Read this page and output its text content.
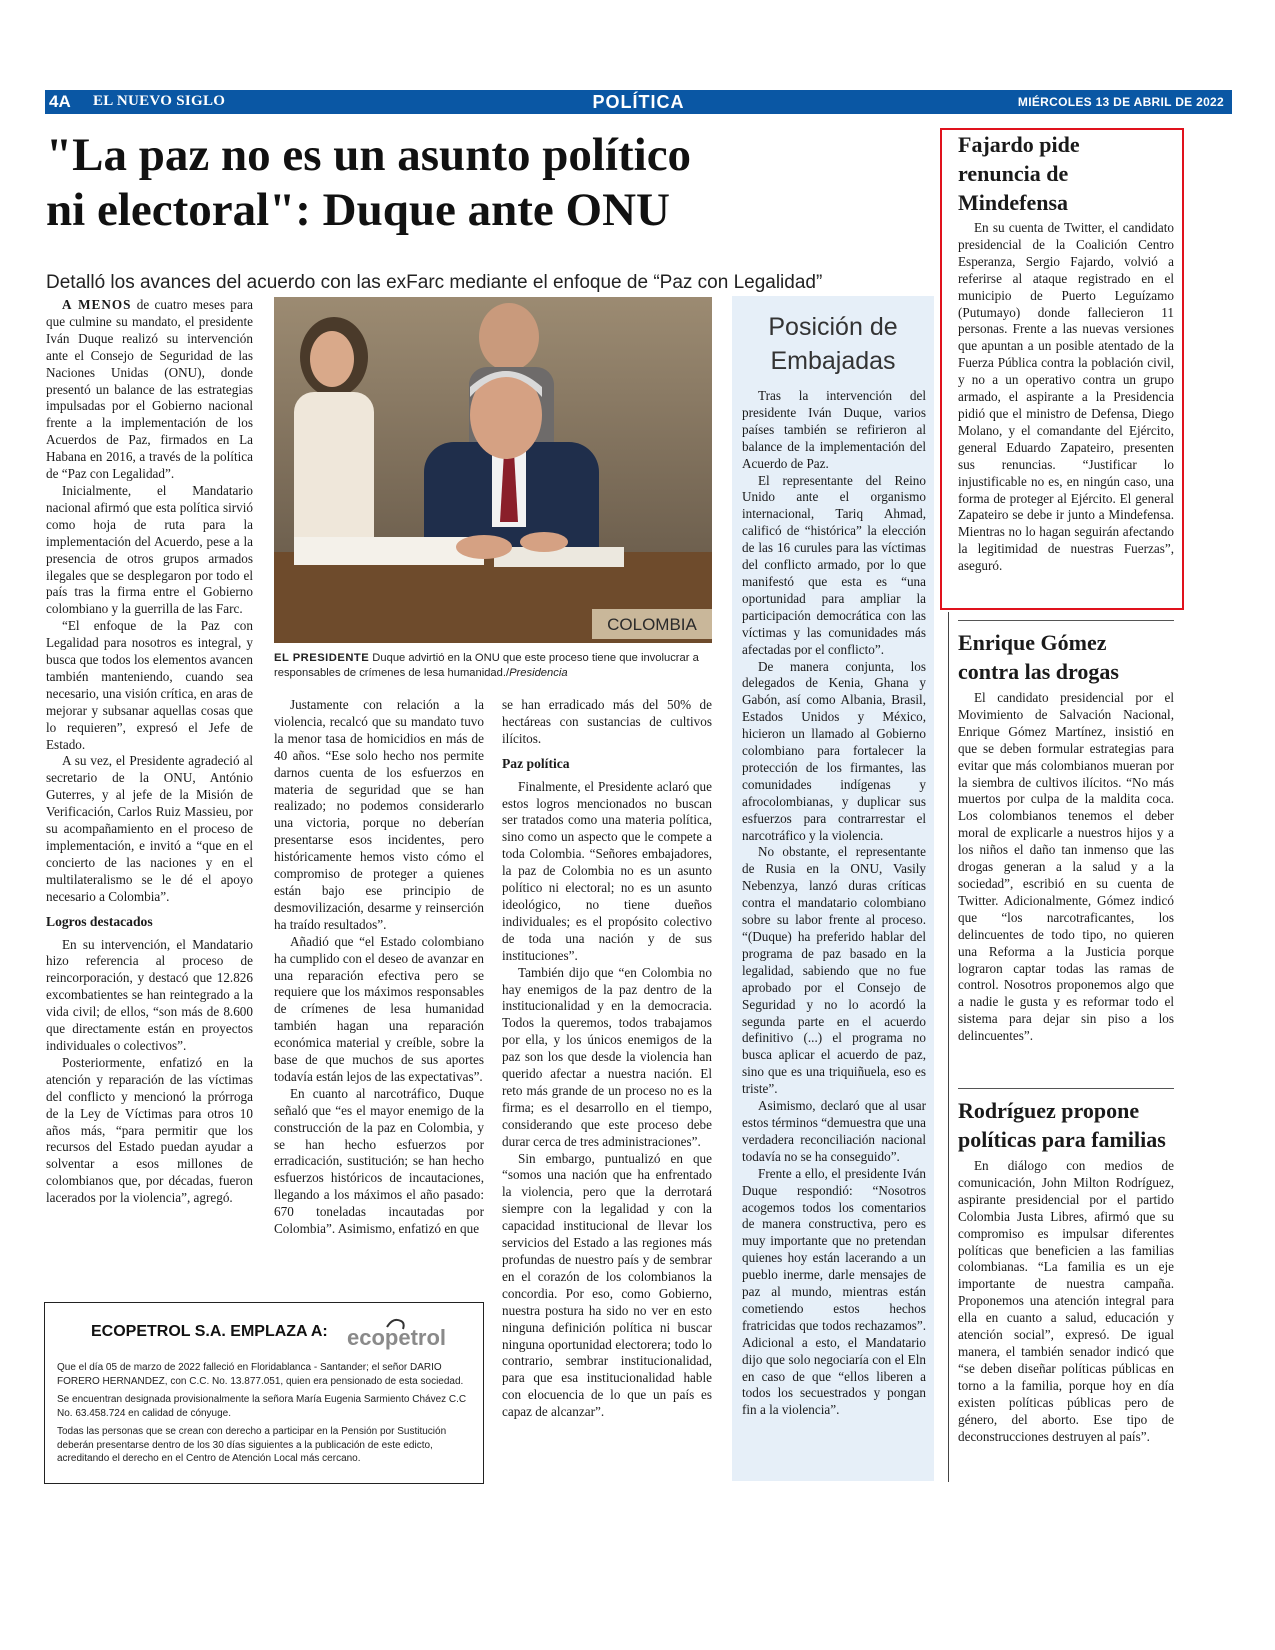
4A EL NUEVO SIGLO	POLÍTICA	MIÉRCOLES 13 DE ABRIL DE 2022
"La paz no es un asunto político
ni electoral": Duque ante ONU
Detalló los avances del acuerdo con las exFarc mediante el enfoque de “Paz con Legalidad”

A MENOS de cuatro meses para que culmine su mandato, el presidente Iván Duque realizó su intervención ante el Consejo de Seguridad de las Naciones Unidas (ONU), donde presentó un balance de las estrategias impulsadas por el Gobierno nacional frente a la implementación de los Acuerdos de Paz, firmados en La Habana en 2016, a través de la política de “Paz con Legalidad”.

Inicialmente, el Mandatario nacional afirmó que esta política sirvió como hoja de ruta para la implementación del Acuerdo, pese a la presencia de otros grupos armados ilegales que se desplegaron por todo el país tras la firma entre el Gobierno colombiano y la guerrilla de las Farc.

“El enfoque de la Paz con Legalidad para nosotros es integral, y busca que todos los elementos avancen también manteniendo, cuando sea necesario, una visión crítica, en aras de mejorar y subsanar aquellas cosas que lo requieren”, expresó el Jefe de Estado.

A su vez, el Presidente agradeció al secretario de la ONU, António Guterres, y al jefe de la Misión de Verificación, Carlos Ruiz Massieu, por su acompañamiento en el proceso de implementación, e invitó a “que en el concierto de las naciones y en el multilateralismo se le dé el apoyo necesario a Colombia”.

Logros destacados

En su intervención, el Mandatario hizo referencia al proceso de reincorporación, y destacó que 12.826 excombatientes se han reintegrado a la vida civil; de ellos, “son más de 8.600 que directamente están en proyectos individuales o colectivos”.

Posteriormente, enfatizó en la atención y reparación de las víctimas del conflicto y mencionó la prórroga de la Ley de Víctimas para otros 10 años más, “para permitir que los recursos del Estado puedan ayudar a solventar a esos millones de colombianos que, por décadas, fueron lacerados por la violencia”, agregó.

COLOMBIA
EL PRESIDENTE Duque advirtió en la ONU que este proceso tiene que involucrar a responsables de crímenes de lesa humanidad./Presidencia

Justamente con relación a la violencia, recalcó que su mandato tuvo la menor tasa de homicidios en más de 40 años. “Ese solo hecho nos permite darnos cuenta de los esfuerzos en materia de seguridad que se han realizado; no podemos considerarlo una victoria, porque no deberían presentarse esos incidentes, pero históricamente hemos visto cómo el compromiso de proteger a quienes están bajo ese principio de desmovilización, desarme y reinserción ha traído resultados”.

Añadió que “el Estado colombiano ha cumplido con el deseo de avanzar en una reparación efectiva pero se requiere que los máximos responsables de crímenes de lesa humanidad también hagan una reparación económica material y creíble, sobre la base de que muchos de sus aportes todavía están lejos de las expectativas”.

En cuanto al narcotráfico, Duque señaló que “es el mayor enemigo de la construcción de la paz en Colombia, y se han hecho esfuerzos por erradicación, sustitución; se han hecho esfuerzos históricos de incautaciones, llegando a los máximos el año pasado: 670 toneladas incautadas por Colombia”. Asimismo, enfatizó en que

se han erradicado más del 50% de hectáreas con sustancias de cultivos ilícitos.

Paz política

Finalmente, el Presidente aclaró que estos logros mencionados no buscan ser tratados como una materia política, sino como un aspecto que le compete a toda Colombia. “Señores embajadores, la paz de Colombia no es un asunto político ni electoral; no es un asunto ideológico, no tiene dueños individuales; es el propósito colectivo de toda una nación y de sus instituciones”.

También dijo que “en Colombia no hay enemigos de la paz dentro de la institucionalidad y en la democracia. Todos la queremos, todos trabajamos por ella, y los únicos enemigos de la paz son los que desde la violencia han querido afectar a nuestra nación. El reto más grande de un proceso no es la firma; es el desarrollo en el tiempo, considerando que este proceso debe durar cerca de tres administraciones”.

Sin embargo, puntualizó en que “somos una nación que ha enfrentado la violencia, pero que la derrotará siempre con la legalidad y con la capacidad institucional de llevar los servicios del Estado a las regiones más profundas de nuestro país y de sembrar en el corazón de los colombianos la concordia. Por eso, como Gobierno, nuestra postura ha sido no ver en esto ninguna definición política ni buscar ninguna oportunidad electorera; todo lo contrario, sembrar institucionalidad, para que esa institucionalidad hable con elocuencia de lo que un país es capaz de alcanzar”.

Posición de
Embajadas

Tras la intervención del presidente Iván Duque, varios países también se refirieron al balance de la implementación del Acuerdo de Paz.

El representante del Reino Unido ante el organismo internacional, Tariq Ahmad, calificó de “histórica” la elección de las 16 curules para las víctimas del conflicto armado, por lo que manifestó que esta es “una oportunidad para ampliar la participación democrática con las víctimas y las comunidades más afectadas por el conflicto”.

De manera conjunta, los delegados de Kenia, Ghana y Gabón, así como Albania, Brasil, Estados Unidos y México, hicieron un llamado al Gobierno colombiano para fortalecer la protección de los firmantes, las comunidades indígenas y afrocolombianas, y duplicar sus esfuerzos para contrarrestar el narcotráfico y la violencia.

No obstante, el representante de Rusia en la ONU, Vasily Nebenzya, lanzó duras críticas contra el mandatario colombiano sobre su labor frente al proceso. “(Duque) ha preferido hablar del programa de paz basado en la legalidad, sabiendo que no fue aprobado por el Consejo de Seguridad y no lo acordó la segunda parte en el acuerdo definitivo (...) el programa no busca aplicar el acuerdo de paz, sino que es una triquiñuela, eso es triste”.

Asimismo, declaró que al usar estos términos “demuestra que una verdadera reconciliación nacional todavía no se ha conseguido”.

Frente a ello, el presidente Iván Duque respondió: “Nosotros acogemos todos los comentarios de manera constructiva, pero es muy importante que no pretendan quienes hoy están lacerando a un pueblo inerme, darle mensajes de paz al mundo, mientras están cometiendo estos hechos fratricidas que todos rechazamos”. Adicional a esto, el Mandatario dijo que solo negociaría con el Eln en caso de que “ellos liberen a todos los secuestrados y pongan fin a la violencia”.

Fajardo pide
renuncia de
Mindefensa

En su cuenta de Twitter, el candidato presidencial de la Coalición Centro Esperanza, Sergio Fajardo, volvió a referirse al ataque registrado en el municipio de Puerto Leguízamo (Putumayo) donde fallecieron 11 personas. Frente a las nuevas versiones que apuntan a un posible atentado de la Fuerza Pública contra la población civil, y no a un operativo contra un grupo armado, el aspirante a la Presidencia pidió que el ministro de Defensa, Diego Molano, y el comandante del Ejército, general Eduardo Zapateiro, presenten sus renuncias. “Justificar lo injustificable no es, en ningún caso, una forma de proteger al Ejército. El general Zapateiro se debe ir junto a Mindefensa. Mientras no lo hagan seguirán afectando la legitimidad de nuestras Fuerzas”, aseguró.

Enrique Gómez
contra las drogas

El candidato presidencial por el Movimiento de Salvación Nacional, Enrique Gómez Martínez, insistió en que se deben formular estrategias para evitar que más colombianos mueran por la siembra de cultivos ilícitos. “No más muertos por culpa de la maldita coca. Los colombianos tenemos el deber moral de explicarle a nuestros hijos y a los niños el daño tan inmenso que las drogas generan a la salud y a la sociedad”, escribió en su cuenta de Twitter. Adicionalmente, Gómez indicó que “los narcotraficantes, los delincuentes de todo tipo, no quieren una Reforma a la Justicia porque lograron captar todas las ramas de control. Nosotros proponemos algo que a nadie le gusta y es reformar todo el sistema para dejar sin piso a los delincuentes”.

Rodríguez propone
políticas para familias

En diálogo con medios de comunicación, John Milton Rodríguez, aspirante presidencial por el partido Colombia Justa Libres, afirmó que su compromiso es impulsar diferentes políticas que beneficien a las familias colombianas. “La familia es un eje importante de nuestra campaña. Proponemos una atención integral para ella en cuanto a salud, educación y atención social”, expresó. De igual manera, el también senador indicó que “se deben diseñar políticas públicas en torno a la familia, porque hoy en día existen políticas públicas pero de género, del aborto. Ese tipo de deconstrucciones destruyen al país”.

ECOPETROL S.A. EMPLAZA A: ecopetrol

Que el día 05 de marzo de 2022 falleció en Floridablanca - Santander; el señor DARIO FORERO HERNANDEZ, con C.C. No. 13.877.051, quien era pensionado de esta sociedad.

Se encuentran designada provisionalmente la señora María Eugenia Sarmiento Chávez C.C No. 63.458.724 en calidad de cónyuge.

Todas las personas que se crean con derecho a participar en la Pensión por Sustitución deberán presentarse dentro de los 30 días siguientes a la publicación de este edicto, acreditando el derecho en el Centro de Atención Local más cercano.
